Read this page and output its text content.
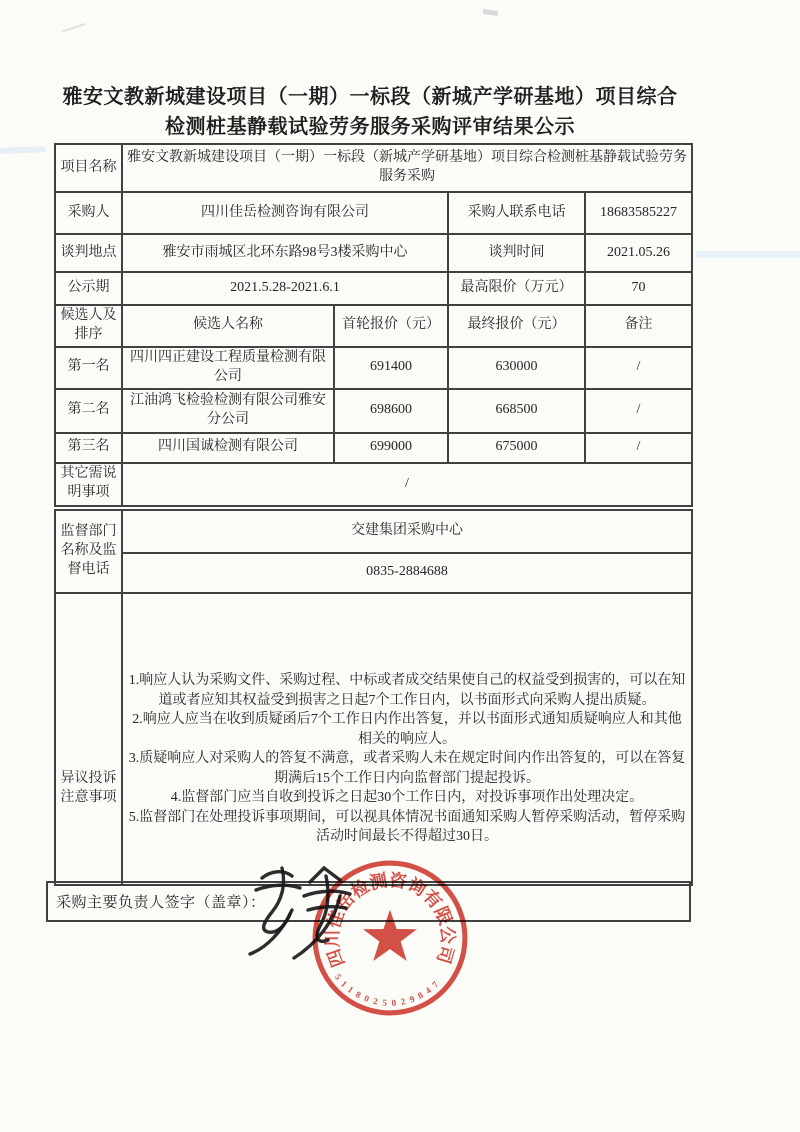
雅安文教新城建设项目（一期）一标段（新城产学研基地）项目综合
检测桩基静载试验劳务服务采购评审结果公示
项目名称	雅安文教新城建设项目（一期）一标段（新城产学研基地）项目综合检测桩基静载试验劳务服务采购			
采购人	四川佳岳检测咨询有限公司		采购人联系电话	18683585227
谈判地点	雅安市雨城区北环东路98号3楼采购中心		谈判时间	2021.05.26
公示期	2021.5.28-2021.6.1		最高限价（万元）	70
候选人及排序	候选人名称	首轮报价（元）	最终报价（元）	备注
第一名	四川四正建设工程质量检测有限公司	691400	630000	/
第二名	江油鸿飞检验检测有限公司雅安分公司	698600	668500	/
第三名	四川国诚检测有限公司	699000	675000	/
其它需说明事项	/			
监督部门名称及监督电话	交建集团采购中心			
	0835-2884688			

异议投诉注意事项	1.响应人认为采购文件、采购过程、中标或者成交结果使自己的权益受到损害的，可以在知道或者应知其权益受到损害之日起7个工作日内，以书面形式向采购人提出质疑。
2.响应人应当在收到质疑函后7个工作日内作出答复，并以书面形式通知质疑响应人和其他相关的响应人。
3.质疑响应人对采购人的答复不满意，或者采购人未在规定时间内作出答复的，可以在答复期满后15个工作日内向监督部门提起投诉。
4.监督部门应当自收到投诉之日起30个工作日内，对投诉事项作出处理决定。
5.监督部门在处理投诉事项期间，可以视具体情况书面通知采购人暂停采购活动，暂停采购活动时间最长不得超过30日。			
采购主要负责人签字（盖章）：
四川佳岳检测咨询有限公司
5118025029847
